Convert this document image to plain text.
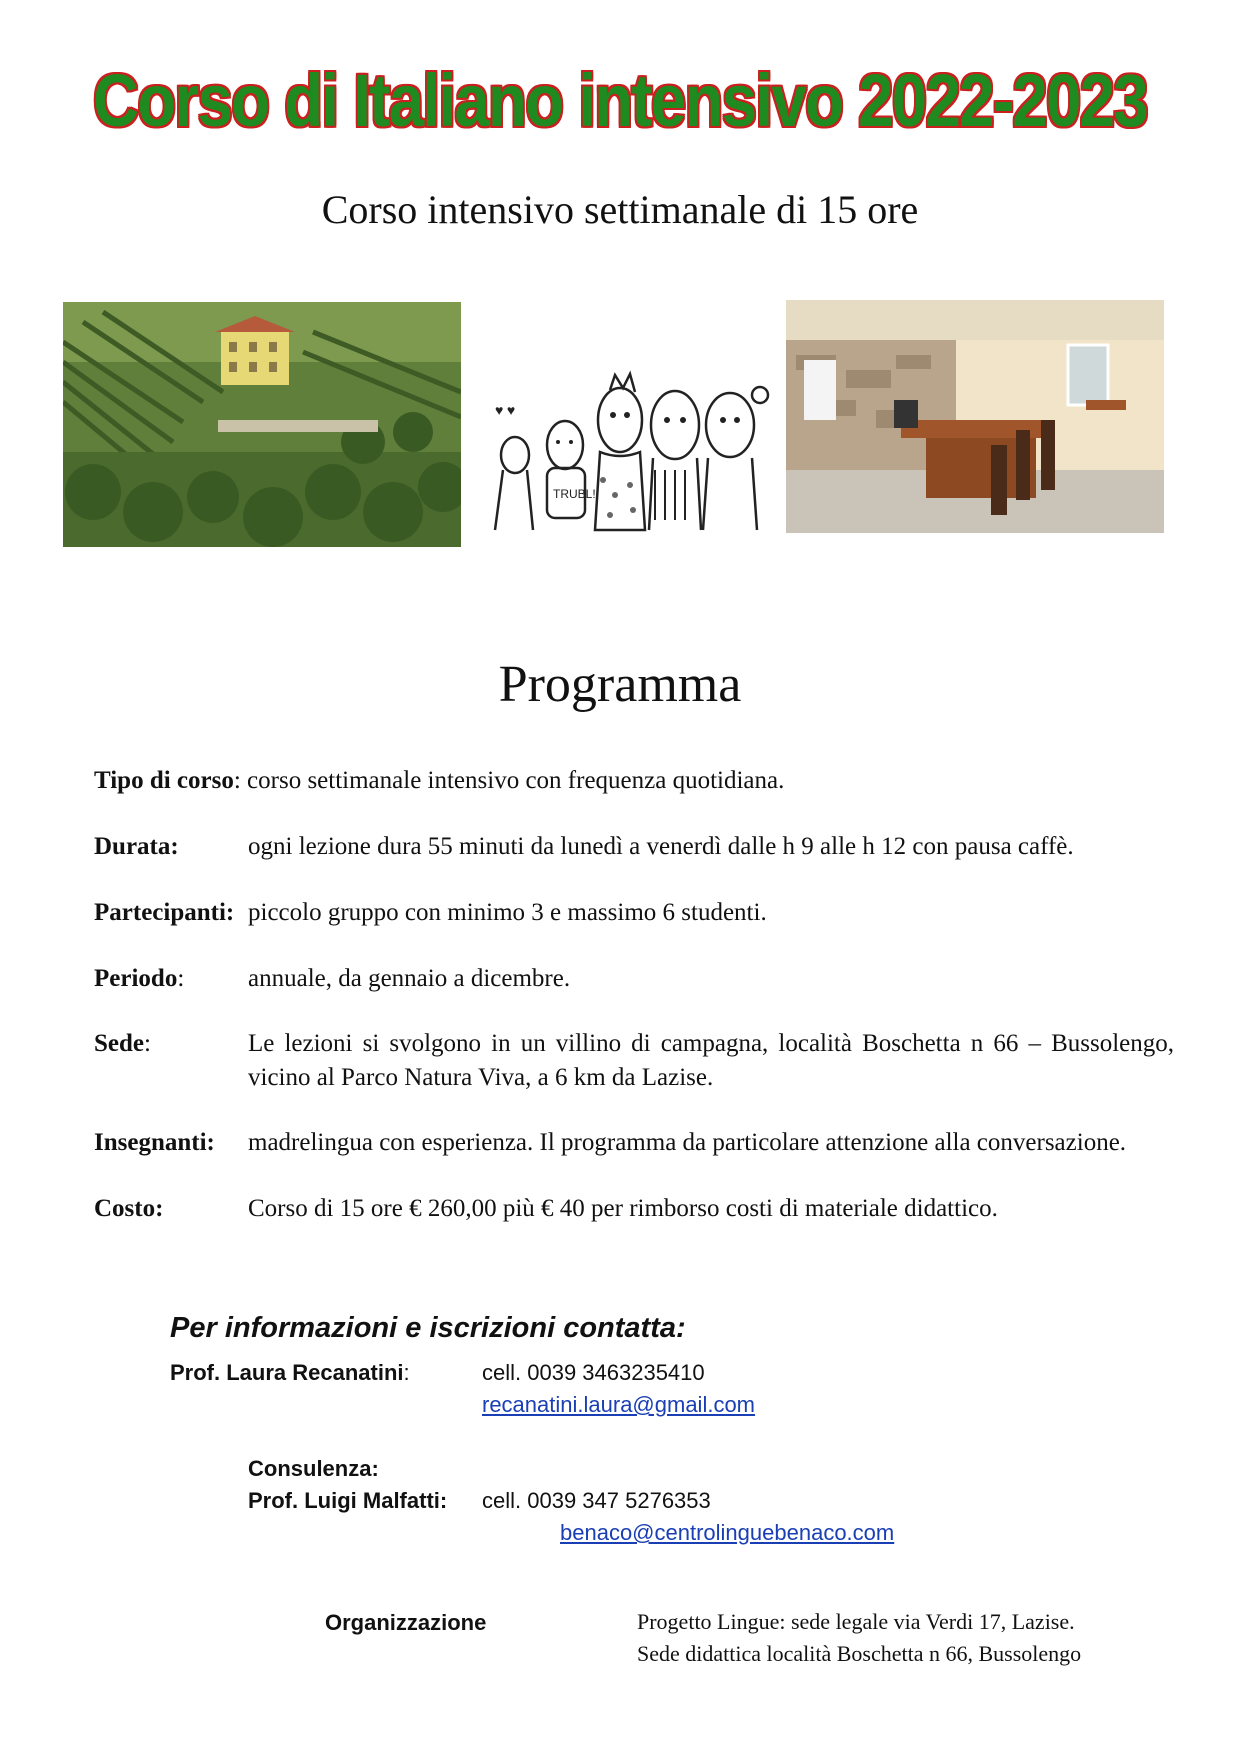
Corso di Italiano intensivo 2022-2023
Corso intensivo settimanale di 15 ore
TRUBL!
♥ ♥
Programma
Tipo di corso: corso settimanale intensivo con frequenza quotidiana.
Durata:	ogni lezione dura 55 minuti da lunedì a venerdì dalle h 9 alle h 12 con pausa caffè.
Partecipanti: piccolo gruppo con minimo 3 e massimo 6 studenti.
Periodo:	annuale, da gennaio a dicembre.
Sede:	Le lezioni si svolgono in un villino di campagna, località Boschetta n 66 – Bussolengo, vicino al Parco Natura Viva, a 6 km da Lazise.
Insegnanti: madrelingua con esperienza. Il programma da particolare attenzione alla conversazione.
Costo:	Corso di 15 ore € 260,00 più € 40 per rimborso costi di materiale didattico.
Per informazioni e iscrizioni contatta:
Prof. Laura Recanatini:	cell. 0039 3463235410
recanatini.laura@gmail.com
Consulenza:
Prof. Luigi Malfatti: cell. 0039 347 5276353
benaco@centrolinguebenaco.com
Organizzazione	Progetto Lingue: sede legale via Verdi 17, Lazise.
Sede didattica località Boschetta n 66, Bussolengo
